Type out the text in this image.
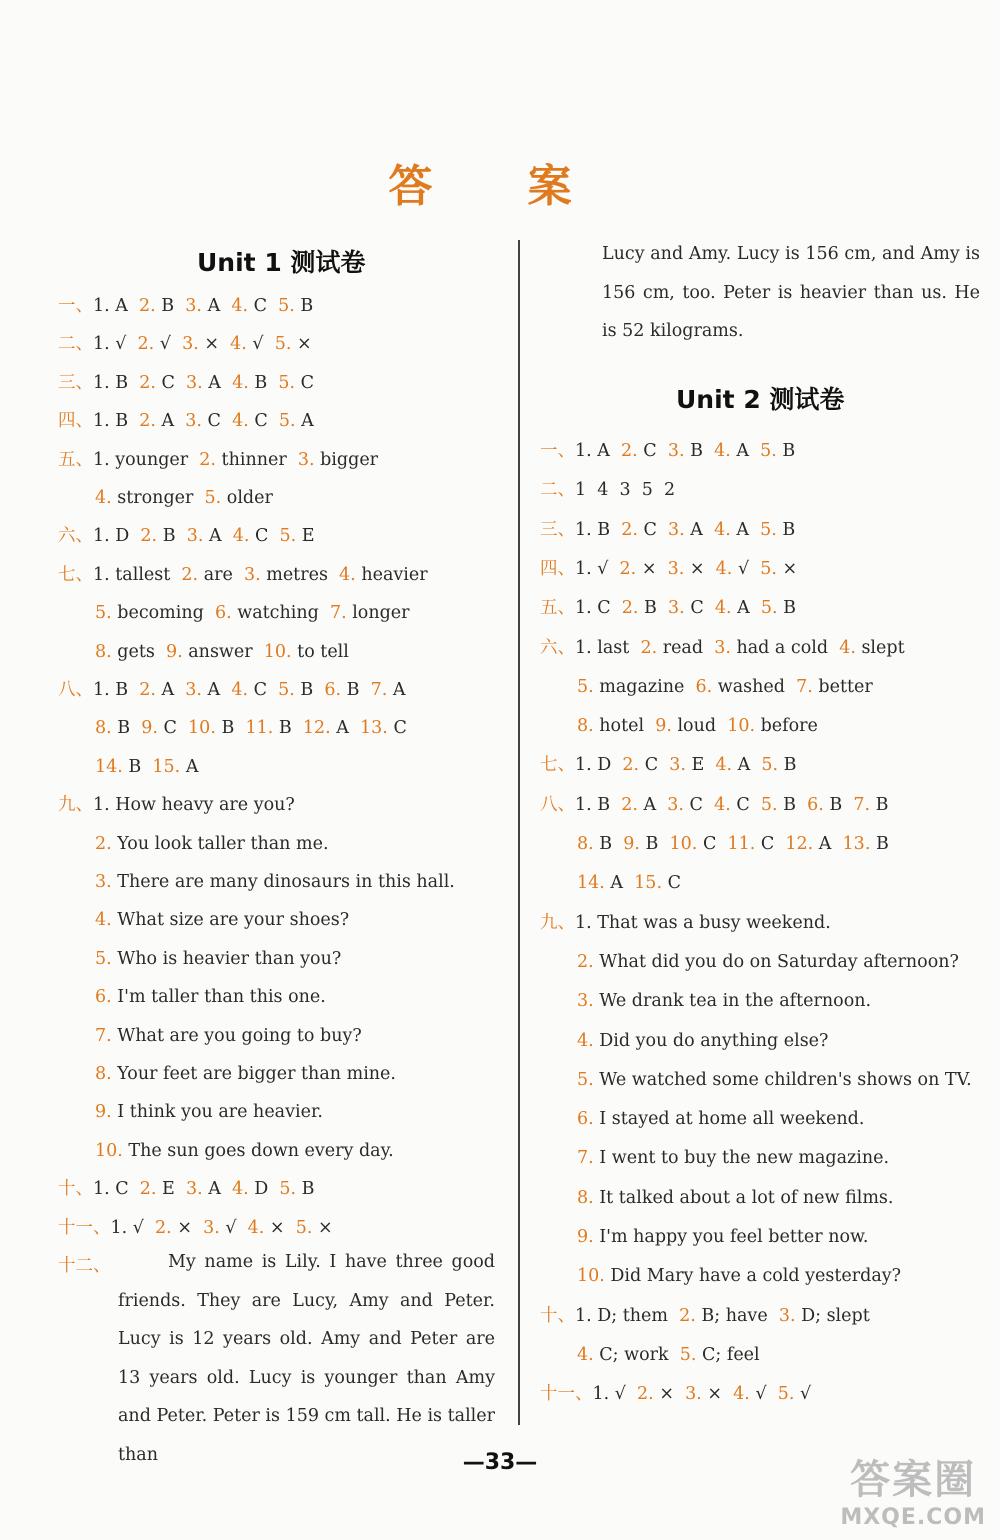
答 案
Unit 1 测试卷
一、1. A  2. B  3. A  4. C  5. B
二、1. √  2. √  3. ×  4. √  5. ×
三、1. B  2. C  3. A  4. B  5. C
四、1. B  2. A  3. C  4. C  5. A
五、1. younger  2. thinner  3. bigger
4. stronger  5. older
六、1. D  2. B  3. A  4. C  5. E
七、1. tallest  2. are  3. metres  4. heavier
5. becoming  6. watching  7. longer
8. gets  9. answer  10. to tell
八、1. B  2. A  3. A  4. C  5. B  6. B  7. A
8. B  9. C  10. B  11. B  12. A  13. C
14. B  15. A
九、1. How heavy are you?
2. You look taller than me.
3. There are many dinosaurs in this hall.
4. What size are your shoes?
5. Who is heavier than you?
6. I'm taller than this one.
7. What are you going to buy?
8. Your feet are bigger than mine.
9. I think you are heavier.
10. The sun goes down every day.
十、1. C  2. E  3. A  4. D  5. B
十一、1. √  2. ×  3. √  4. ×  5. ×
十二、	My name is Lily. I have three good friends. They are Lucy, Amy and Peter. Lucy is 12 years old. Amy and Peter are 13 years old. Lucy is younger than Amy and Peter. Peter is 159 cm tall. He is taller than
Lucy and Amy. Lucy is 156 cm, and Amy is 156 cm, too. Peter is heavier than us. He is 52 kilograms.
Unit 2 测试卷
一、1. A  2. C  3. B  4. A  5. B
二、1  4  3  5  2
三、1. B  2. C  3. A  4. A  5. B
四、1. √  2. ×  3. ×  4. √  5. ×
五、1. C  2. B  3. C  4. A  5. B
六、1. last  2. read  3. had a cold  4. slept
5. magazine  6. washed  7. better
8. hotel  9. loud  10. before
七、1. D  2. C  3. E  4. A  5. B
八、1. B  2. A  3. C  4. C  5. B  6. B  7. B
8. B  9. B  10. C  11. C  12. A  13. B
14. A  15. C
九、1. That was a busy weekend.
2. What did you do on Saturday afternoon?
3. We drank tea in the afternoon.
4. Did you do anything else?
5. We watched some children's shows on TV.
6. I stayed at home all weekend.
7. I went to buy the new magazine.
8. It talked about a lot of new films.
9. I'm happy you feel better now.
10. Did Mary have a cold yesterday?
十、1. D; them  2. B; have  3. D; slept
4. C; work  5. C; feel
十一、1. √  2. ×  3. ×  4. √  5. √
—33—	答案圈
MXQE.COM
